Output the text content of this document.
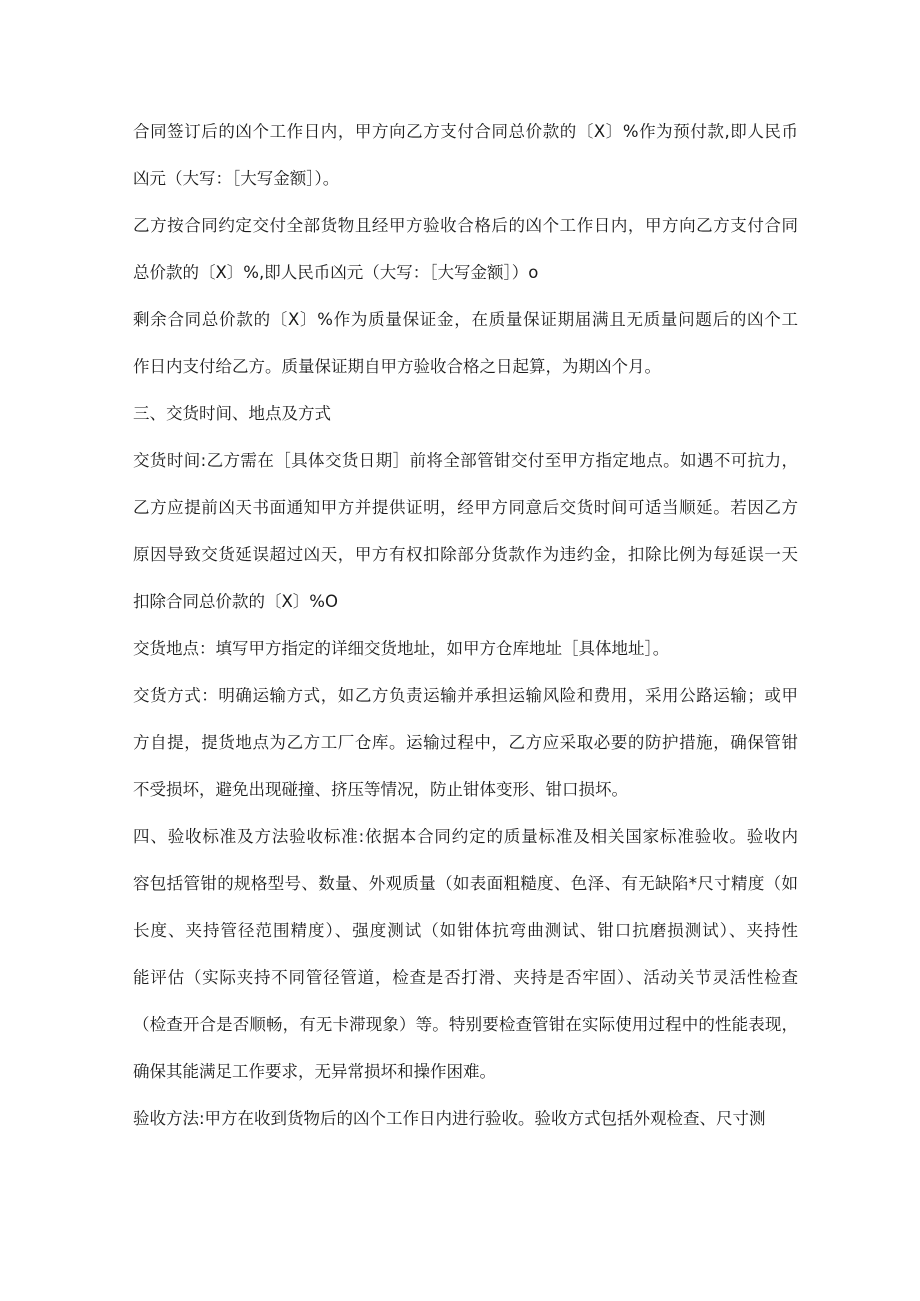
合同签订后的凶个工作日内，甲方向乙方支付合同总价款的〔X〕%作为预付款,即人民币
凶元（大写：［大写金额］）。
乙方按合同约定交付全部货物且经甲方验收合格后的凶个工作日内，甲方向乙方支付合同
总价款的〔X〕%,即人民币凶元（大写：［大写金额］）o
剩余合同总价款的〔X〕%作为质量保证金，在质量保证期届满且无质量问题后的凶个工
作日内支付给乙方。质量保证期自甲方验收合格之日起算，为期凶个月。
三、交货时间、地点及方式
交货时间:乙方需在［具体交货日期］前将全部管钳交付至甲方指定地点。如遇不可抗力，
乙方应提前凶天书面通知甲方并提供证明，经甲方同意后交货时间可适当顺延。若因乙方
原因导致交货延误超过凶天，甲方有权扣除部分货款作为违约金，扣除比例为每延误一天
扣除合同总价款的〔X〕%O
交货地点：填写甲方指定的详细交货地址，如甲方仓库地址［具体地址］。
交货方式：明确运输方式，如乙方负责运输并承担运输风险和费用，采用公路运输；或甲
方自提，提货地点为乙方工厂仓库。运输过程中，乙方应采取必要的防护措施，确保管钳
不受损坏，避免出现碰撞、挤压等情况，防止钳体变形、钳口损坏。
四、验收标准及方法验收标准:依据本合同约定的质量标准及相关国家标准验收。验收内
容包括管钳的规格型号、数量、外观质量（如表面粗糙度、色泽、有无缺陷*尺寸精度（如
长度、夹持管径范围精度）、强度测试（如钳体抗弯曲测试、钳口抗磨损测试）、夹持性
能评估（实际夹持不同管径管道，检查是否打滑、夹持是否牢固）、活动关节灵活性检查
（检查开合是否顺畅，有无卡滞现象）等。特别要检查管钳在实际使用过程中的性能表现，
确保其能满足工作要求，无异常损坏和操作困难。
验收方法:甲方在收到货物后的凶个工作日内进行验收。验收方式包括外观检查、尺寸测
